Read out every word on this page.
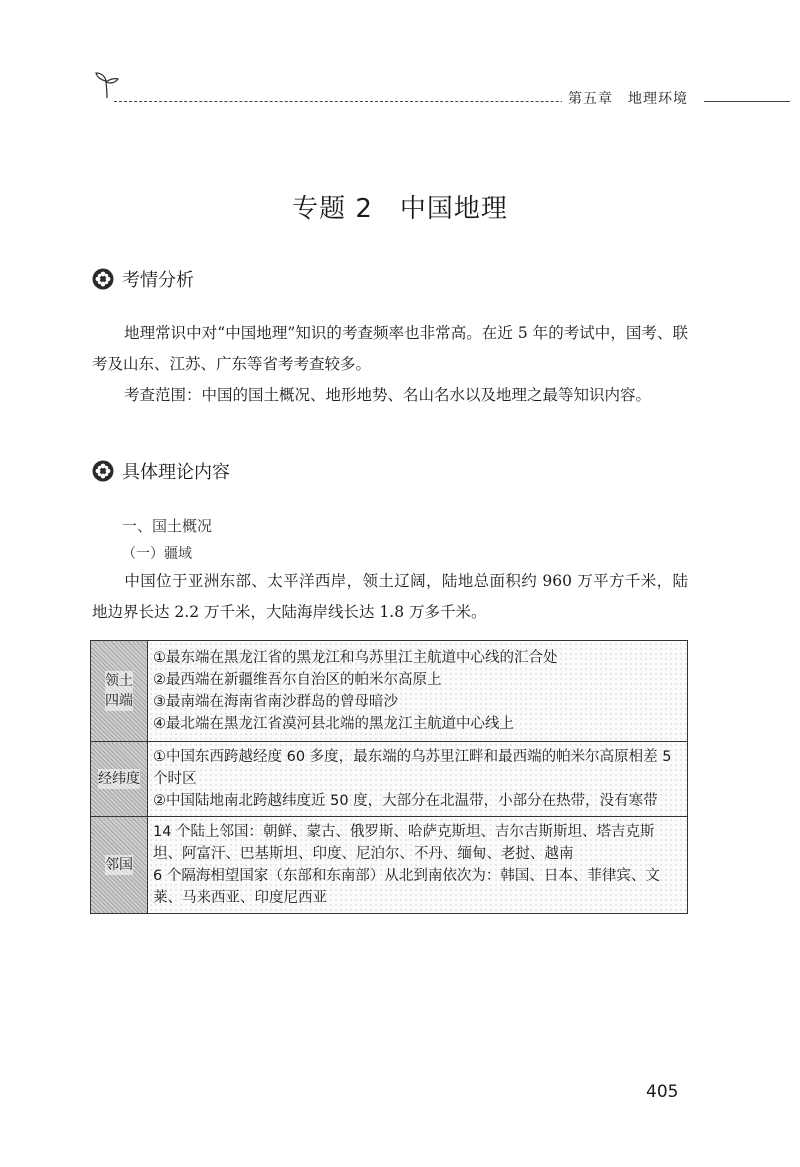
第五章　地理环境
专题 2　中国地理
考情分析
地理常识中对“中国地理”知识的考查频率也非常高。在近 5 年的考试中，国考、联考及山东、江苏、广东等省考考查较多。
考查范围：中国的国土概况、地形地势、名山名水以及地理之最等知识内容。
具体理论内容
一、国土概况
（一）疆域
中国位于亚洲东部、太平洋西岸，领土辽阔，陆地总面积约 960 万平方千米，陆地边界长达 2.2 万千米，大陆海岸线长达 1.8 万多千米。
领土四端	①最东端在黑龙江省的黑龙江和乌苏里江主航道中心线的汇合处
②最西端在新疆维吾尔自治区的帕米尔高原上
③最南端在海南省南沙群岛的曾母暗沙
④最北端在黑龙江省漠河县北端的黑龙江主航道中心线上

经纬度	①中国东西跨越经度 60 多度，最东端的乌苏里江畔和最西端的帕米尔高原相差 5 个时区
②中国陆地南北跨越纬度近 50 度，大部分在北温带，小部分在热带，没有寒带

邻国	14 个陆上邻国：朝鲜、蒙古、俄罗斯、哈萨克斯坦、吉尔吉斯斯坦、塔吉克斯坦、阿富汗、巴基斯坦、印度、尼泊尔、不丹、缅甸、老挝、越南
6 个隔海相望国家（东部和东南部）从北到南依次为：韩国、日本、菲律宾、文莱、马来西亚、印度尼西亚
405
